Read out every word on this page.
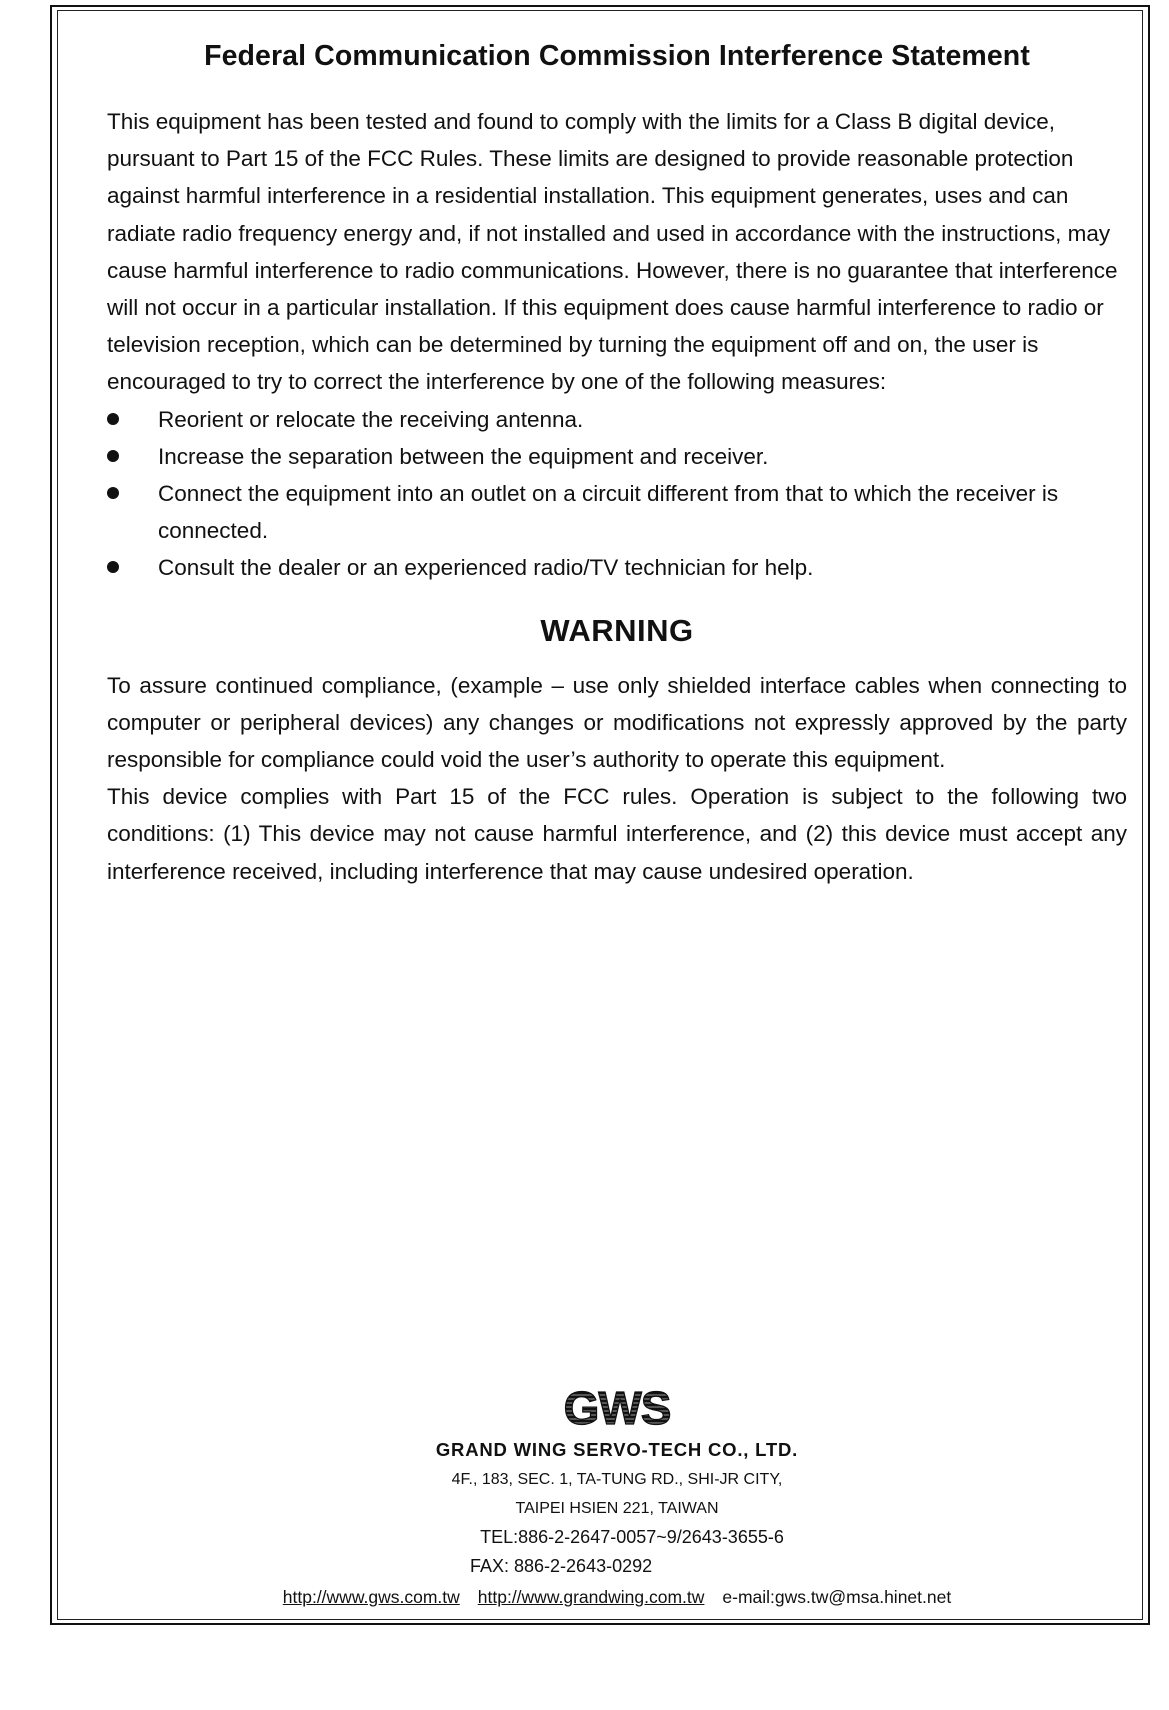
Federal Communication Commission Interference Statement

This equipment has been tested and found to comply with the limits for a Class B digital device, pursuant to Part 15 of the FCC Rules. These limits are designed to provide reasonable protection against harmful interference in a residential installation. This equipment generates, uses and can radiate radio frequency energy and, if not installed and used in accordance with the instructions, may cause harmful interference to radio communications. However, there is no guarantee that interference will not occur in a particular installation. If this equipment does cause harmful interference to radio or television reception, which can be determined by turning the equipment off and on, the user is encouraged to try to correct the interference by one of the following measures:

Reorient or relocate the receiving antenna.
Increase the separation between the equipment and receiver.
Connect the equipment into an outlet on a circuit different from that to which the receiver is connected.
Consult the dealer or an experienced radio/TV technician for help.
WARNING

To assure continued compliance, (example – use only shielded interface cables when connecting to computer or peripheral devices) any changes or modifications not expressly approved by the party responsible for compliance could void the user’s authority to operate this equipment.

This device complies with Part 15 of the FCC rules. Operation is subject to the following two conditions: (1) This device may not cause harmful interference, and (2) this device must accept any interference received, including interference that may cause undesired operation.

GWS
GRAND WING SERVO-TECH CO., LTD.
4F., 183, SEC. 1, TA-TUNG RD., SHI-JR CITY,
TAIPEI HSIEN 221, TAIWAN
TEL:886-2-2647-0057~9/2643-3655-6
FAX: 886-2-2643-0292
http://www.gws.com.tw http://www.grandwing.com.tw e-mail:gws.tw@msa.hinet.net
